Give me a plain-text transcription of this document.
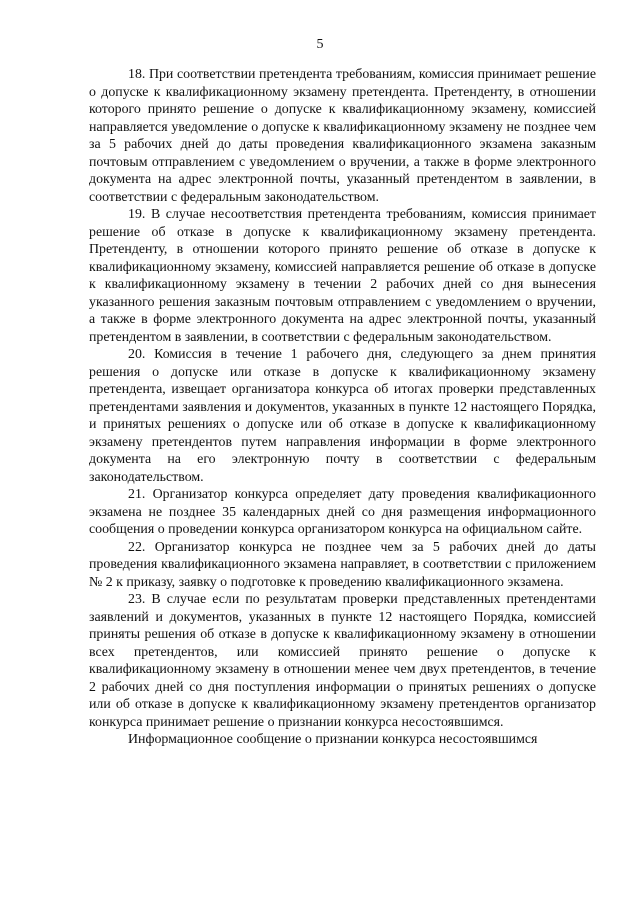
5

18. При соответствии претендента требованиям, комиссия принимает решение о допуске к квалификационному экзамену претендента. Претенденту, в отношении которого принято решение о допуске к квалификационному экзамену, комиссией направляется уведомление о допуске к квалификационному экзамену не позднее чем за 5 рабочих дней до даты проведения квалификационного экзамена заказным почтовым отправлением с уведомлением о вручении, а также в форме электронного документа на адрес электронной почты, указанный претендентом в заявлении, в соответствии с федеральным законодательством.

19. В случае несоответствия претендента требованиям, комиссия принимает решение об отказе в допуске к квалификационному экзамену претендента. Претенденту, в отношении которого принято решение об отказе в допуске к квалификационному экзамену, комиссией направляется решение об отказе в допуске к квалификационному экзамену в течении 2 рабочих дней со дня вынесения указанного решения заказным почтовым отправлением с уведомлением о вручении, а также в форме электронного документа на адрес электронной почты, указанный претендентом в заявлении, в соответствии с федеральным законодательством.

20. Комиссия в течение 1 рабочего дня, следующего за днем принятия решения о допуске или отказе в допуске к квалификационному экзамену претендента, извещает организатора конкурса об итогах проверки представленных претендентами заявления и документов, указанных в пункте 12 настоящего Порядка, и принятых решениях о допуске или об отказе в допуске к квалификационному экзамену претендентов путем направления информации в форме электронного документа на его электронную почту в соответствии с федеральным законодательством.

21. Организатор конкурса определяет дату проведения квалификационного экзамена не позднее 35 календарных дней со дня размещения информационного сообщения о проведении конкурса организатором конкурса на официальном сайте.

22. Организатор конкурса не позднее чем за 5 рабочих дней до даты проведения квалификационного экзамена направляет, в соответствии с приложением № 2 к приказу, заявку о подготовке к проведению квалификационного экзамена.

23. В случае если по результатам проверки представленных претендентами заявлений и документов, указанных в пункте 12 настоящего Порядка, комиссией приняты решения об отказе в допуске к квалификационному экзамену в отношении всех претендентов, или комиссией принято решение о допуске к квалификационному экзамену в отношении менее чем двух претендентов, в течение 2 рабочих дней со дня поступления информации о принятых решениях о допуске или об отказе в допуске к квалификационному экзамену претендентов организатор конкурса принимает решение о признании конкурса несостоявшимся.

Информационное сообщение о признании конкурса несостоявшимся
